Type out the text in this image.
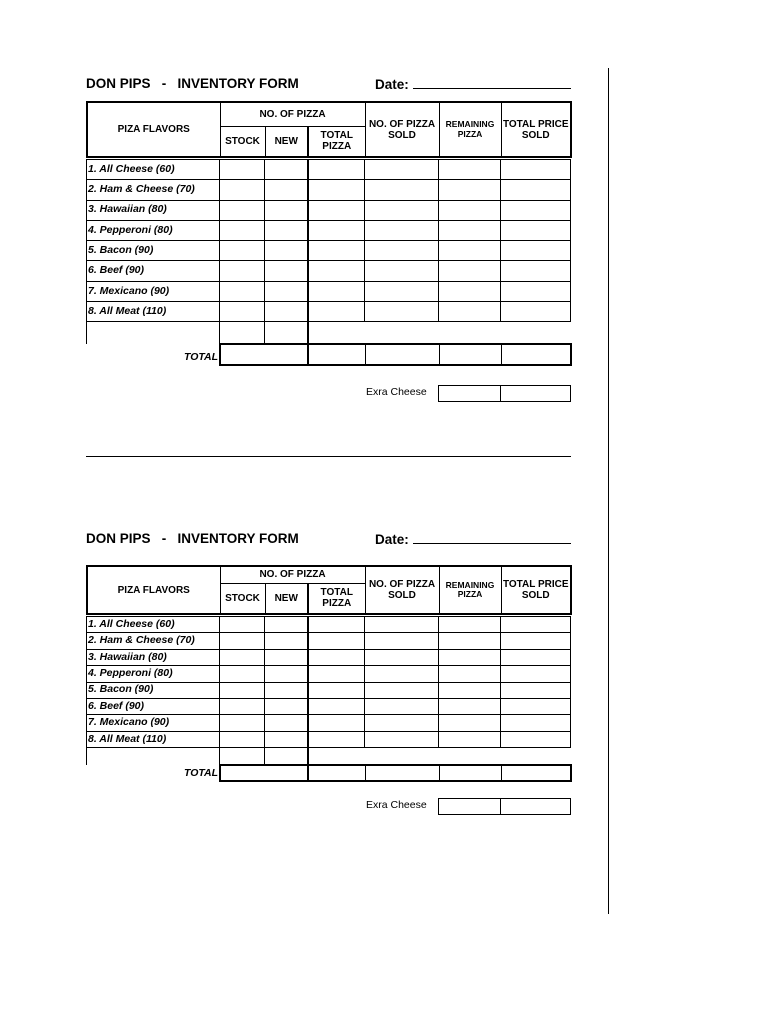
DON PIPS   -   INVENTORY FORM	Date:
PIZA FLAVORS	NO. OF PIZZA			NO. OF PIZZA SOLD	REMAINING PIZZA	TOTAL PRICE SOLD
	STOCK	NEW	TOTAL PIZZA			
1. All Cheese (60)						
2. Ham & Cheese (70)						
3. Hawaiian (80)						
4. Pepperoni (80)						
5. Bacon (90)						
6. Beef (90)						
7. Mexicano (90)						
8. All Meat (110)						

TOTAL

Exra Cheese

DON PIPS   -   INVENTORY FORM	Date:
PIZA FLAVORS	NO. OF PIZZA			NO. OF PIZZA SOLD	REMAINING PIZZA	TOTAL PRICE SOLD
	STOCK	NEW	TOTAL PIZZA			
1. All Cheese (60)						
2. Ham & Cheese (70)						
3. Hawaiian (80)						
4. Pepperoni (80)						
5. Bacon (90)						
6. Beef (90)						
7. Mexicano (90)						
8. All Meat (110)						

TOTAL

Exra Cheese
